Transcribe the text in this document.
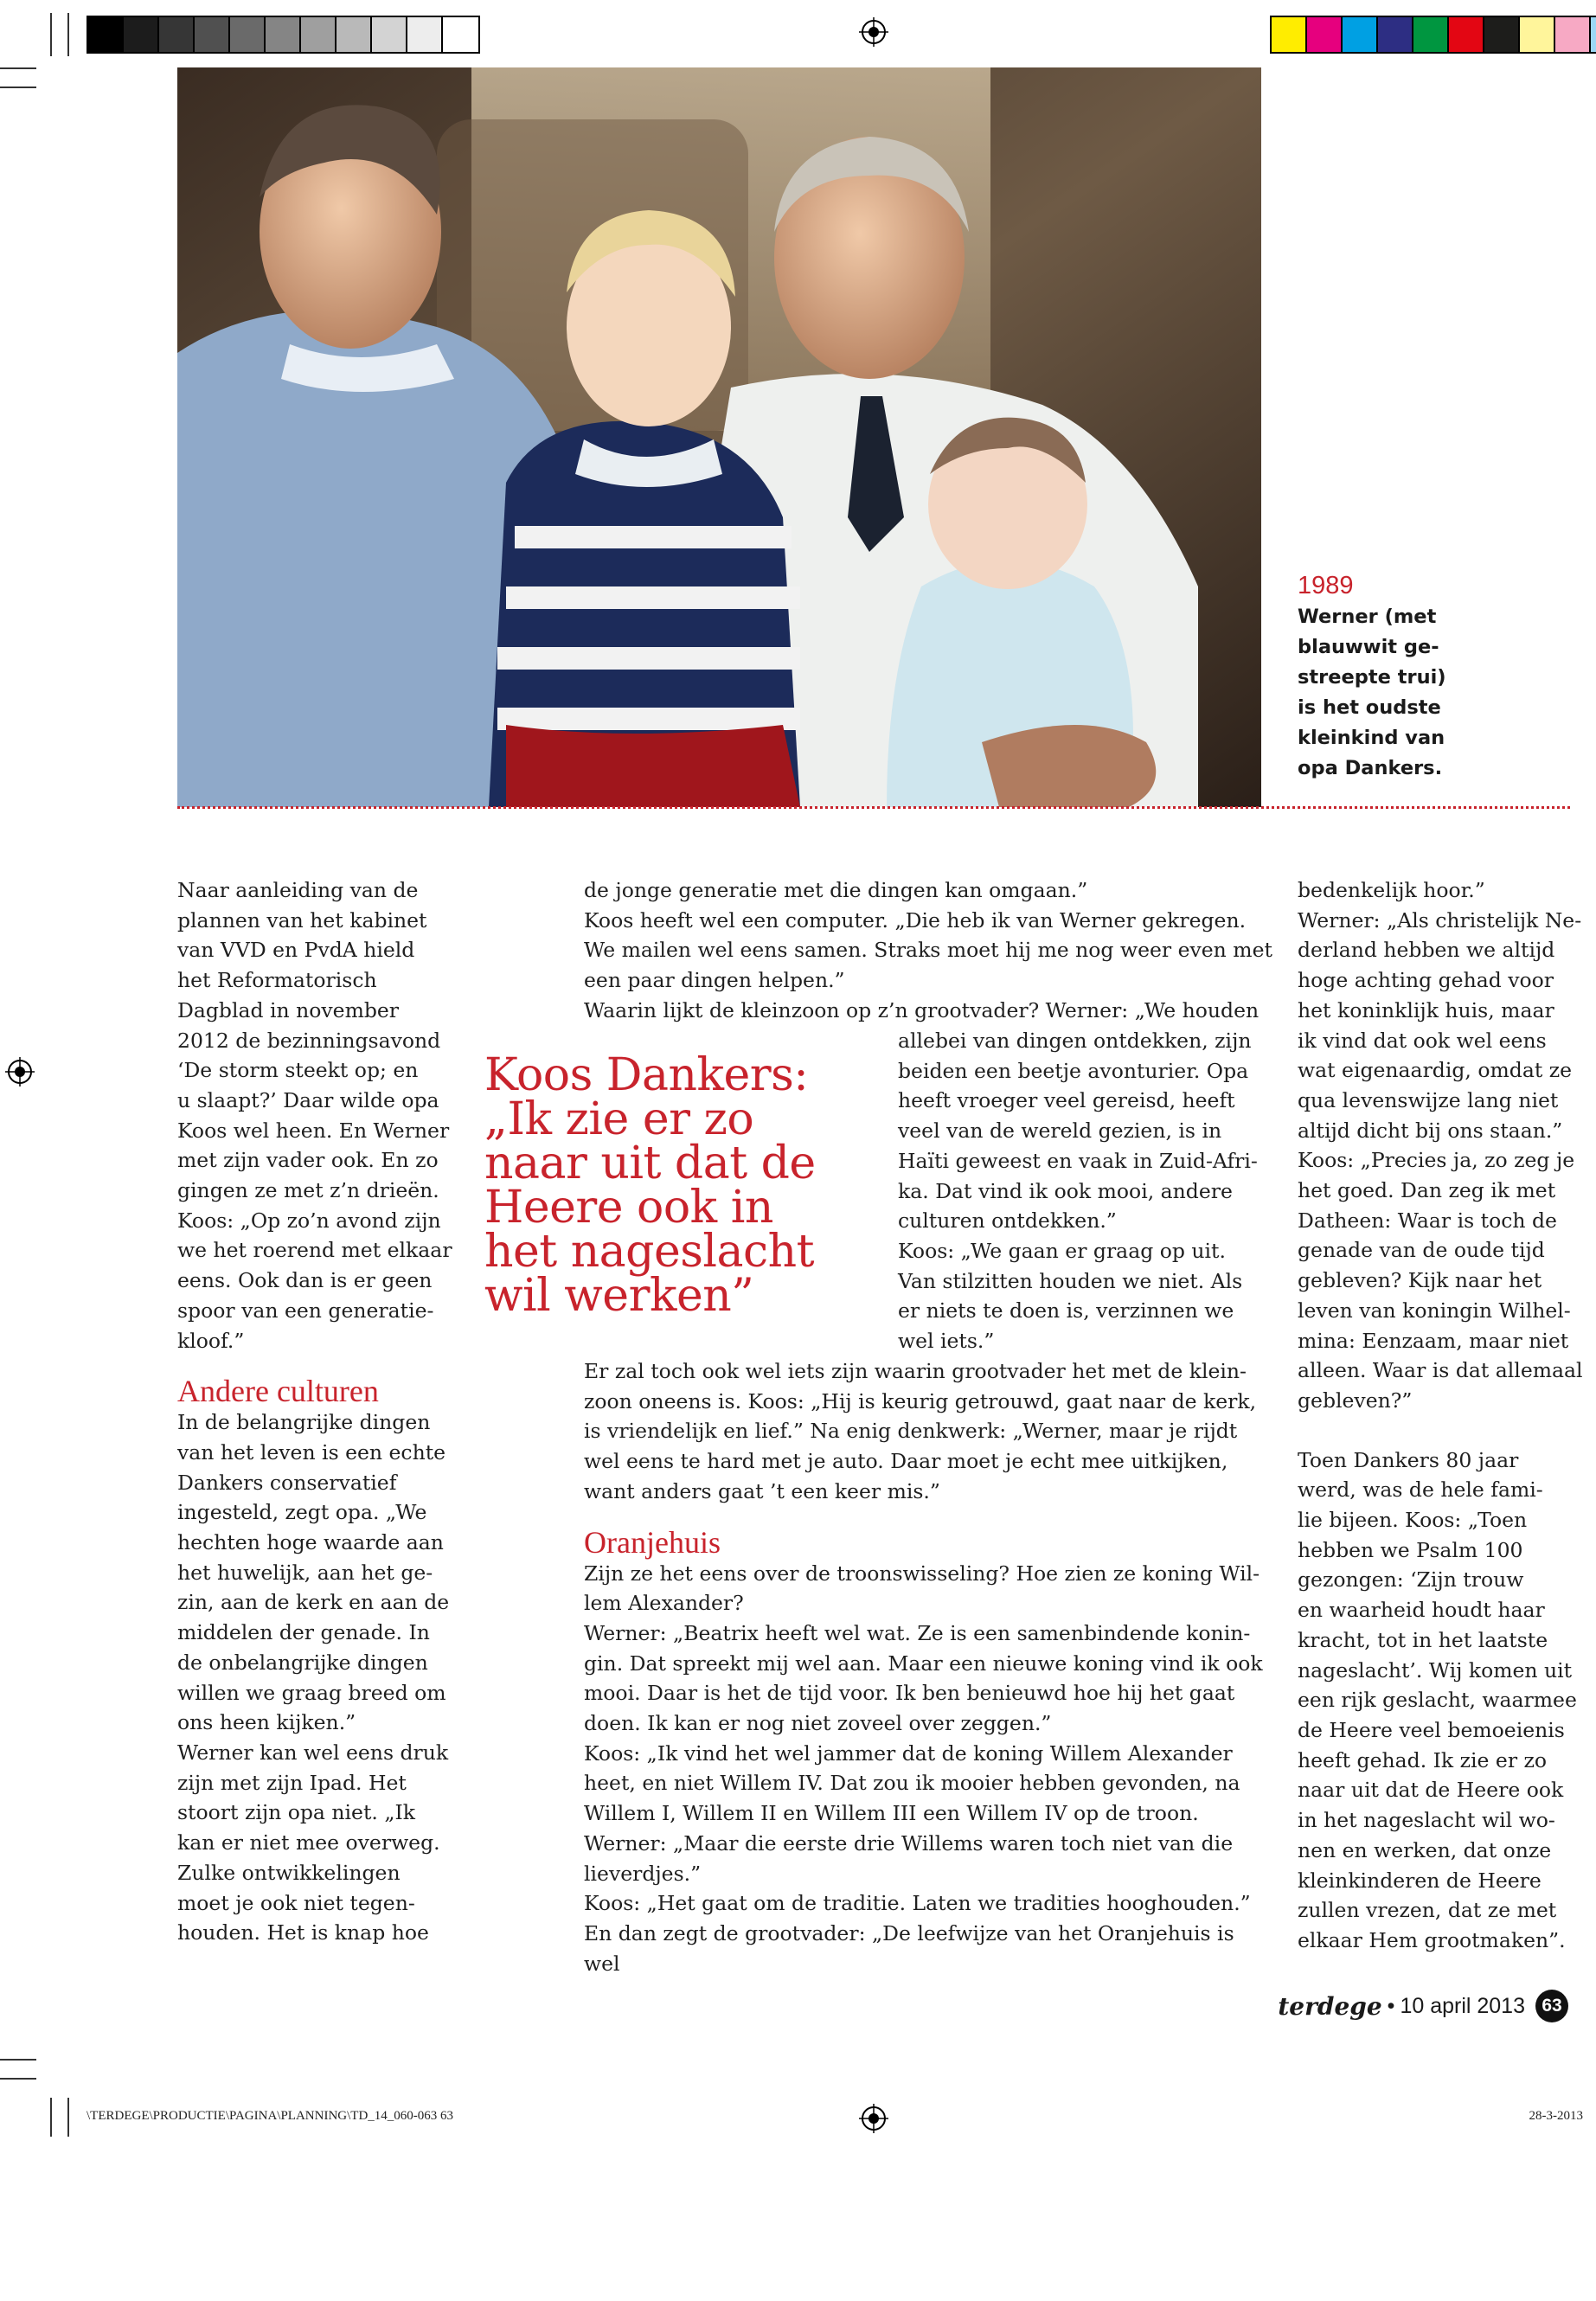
\TERDEGE\PRODUCTIE\PAGINA\PLANNING\TD_14_060-063 63	28-3-2013
1989
Werner (met
blauwwit ge-
streepte trui)
is het oudste
kleinkind van
opa Dankers.

Naar aanleiding van de

plannen van het kabinet

van VVD en PvdA hield

het Reformatorisch

Dagblad in november

2012 de bezinningsavond

‘De storm steekt op; en

u slaapt?’ Daar wilde opa

Koos wel heen. En Werner

met zijn vader ook. En zo

gingen ze met z’n drieën.

Koos: „Op zo’n avond zijn

we het roerend met elkaar

eens. Ook dan is er geen

spoor van een generatie-

kloof.”

Andere culturen

In de belangrijke dingen

van het leven is een echte

Dankers conservatief

ingesteld, zegt opa. „We

hechten hoge waarde aan

het huwelijk, aan het ge-

zin, aan de kerk en aan de

middelen der genade. In

de onbelangrijke dingen

willen we graag breed om

ons heen kijken.”

Werner kan wel eens druk

zijn met zijn Ipad. Het

stoort zijn opa niet. „Ik

kan er niet mee overweg.

Zulke ontwikkelingen

moet je ook niet tegen-

houden. Het is knap hoe

de jonge generatie met die dingen kan omgaan.”

Koos heeft wel een computer. „Die heb ik van Werner gekregen.

We mailen wel eens samen. Straks moet hij me nog weer even met

een paar dingen helpen.”

Waarin lijkt de kleinzoon op z’n grootvader? Werner: „We houden

allebei van dingen ontdekken, zijn

beiden een beetje avonturier. Opa

heeft vroeger veel gereisd, heeft

veel van de wereld gezien, is in

Haïti geweest en vaak in Zuid-Afri-

ka. Dat vind ik ook mooi, andere

culturen ontdekken.”

Koos: „We gaan er graag op uit.

Van stilzitten houden we niet. Als

er niets te doen is, verzinnen we

wel iets.”

Koos Dankers:
„Ik zie er zo
naar uit dat de
Heere ook in
het nageslacht
wil werken”

Er zal toch ook wel iets zijn waarin grootvader het met de klein-

zoon oneens is. Koos: „Hij is keurig getrouwd, gaat naar de kerk,

is vriendelijk en lief.” Na enig denkwerk: „Werner, maar je rijdt

wel eens te hard met je auto. Daar moet je echt mee uitkijken,

want anders gaat ’t een keer mis.”

Oranjehuis

Zijn ze het eens over de troonswisseling? Hoe zien ze koning Wil-

lem Alexander?

Werner: „Beatrix heeft wel wat. Ze is een samenbindende konin-

gin. Dat spreekt mij wel aan. Maar een nieuwe koning vind ik ook

mooi. Daar is het de tijd voor. Ik ben benieuwd hoe hij het gaat

doen. Ik kan er nog niet zoveel over zeggen.”

Koos: „Ik vind het wel jammer dat de koning Willem Alexander

heet, en niet Willem IV. Dat zou ik mooier hebben gevonden, na

Willem I, Willem II en Willem III een Willem IV op de troon.

Werner: „Maar die eerste drie Willems waren toch niet van die

lieverdjes.”

Koos: „Het gaat om de traditie. Laten we tradities hooghouden.”

En dan zegt de grootvader: „De leefwijze van het Oranjehuis is wel

bedenkelijk hoor.”

Werner: „Als christelijk Ne-

derland hebben we altijd

hoge achting gehad voor

het koninklijk huis, maar

ik vind dat ook wel eens

wat eigenaardig, omdat ze

qua levenswijze lang niet

altijd dicht bij ons staan.”

Koos: „Precies ja, zo zeg je

het goed. Dan zeg ik met

Datheen: Waar is toch de

genade van de oude tijd

gebleven? Kijk naar het

leven van koningin Wilhel-

mina: Eenzaam, maar niet

alleen. Waar is dat allemaal

gebleven?”

Toen Dankers 80 jaar

werd, was de hele fami-

lie bijeen. Koos: „Toen

hebben we Psalm 100

gezongen: ‘Zijn trouw

en waarheid houdt haar

kracht, tot in het laatste

nageslacht’. Wij komen uit

een rijk geslacht, waarmee

de Heere veel bemoeienis

heeft gehad. Ik zie er zo

naar uit dat de Heere ook

in het nageslacht wil wo-

nen en werken, dat onze

kleinkinderen de Heere

zullen vrezen, dat ze met

elkaar Hem grootmaken”.

terdege • 10 april 2013 63
